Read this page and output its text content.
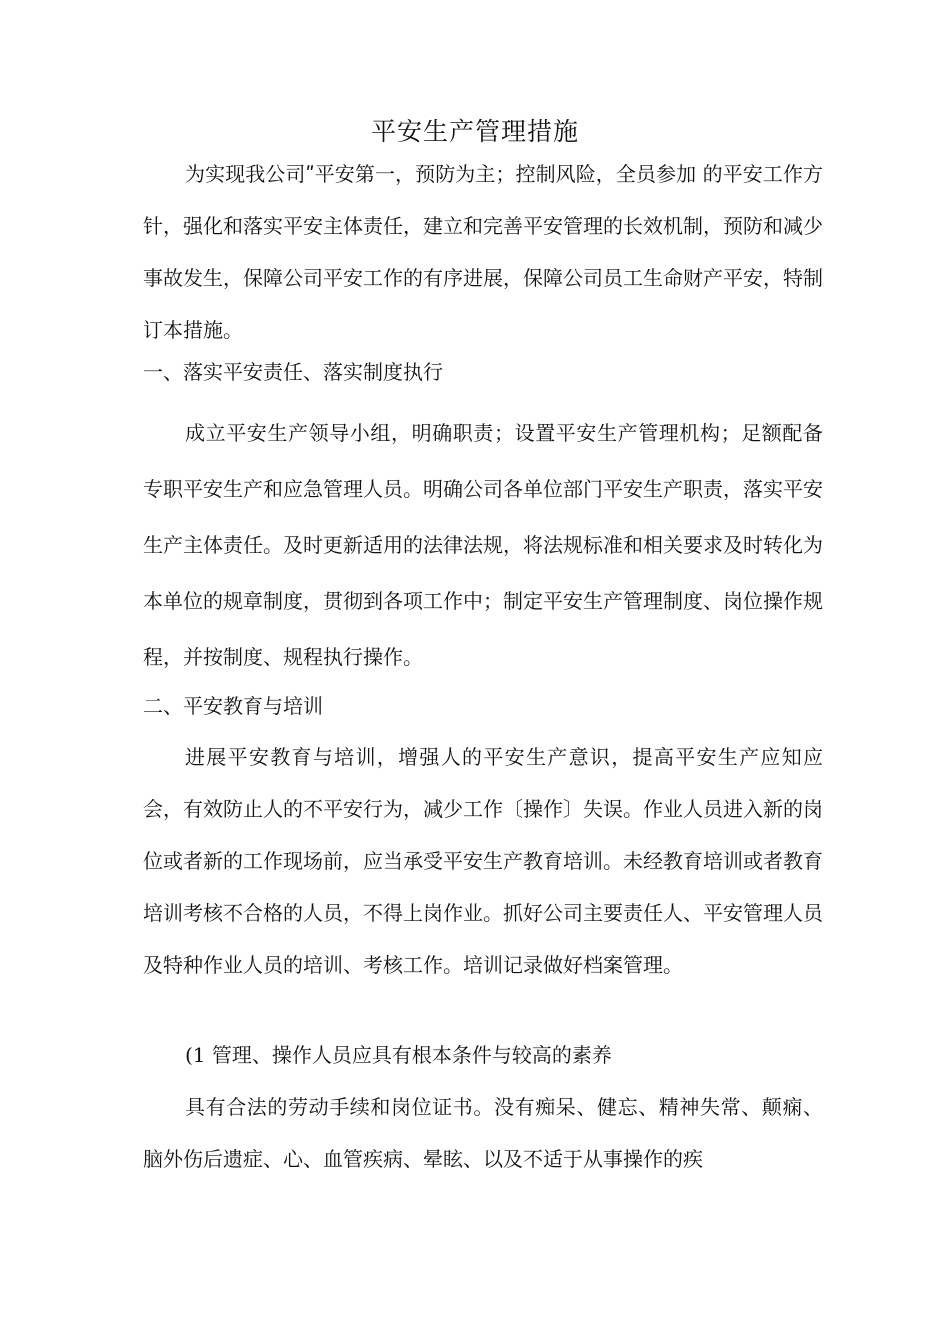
平安生产管理措施

为实现我公司ʺ平安第一，预防为主；控制风险，全员参加 的平安工作方针，强化和落实平安主体责任，建立和完善平安管理的长效机制，预防和减少事故发生，保障公司平安工作的有序进展，保障公司员工生命财产平安，特制订本措施。

一、落实平安责任、落实制度执行

成立平安生产领导小组，明确职责；设置平安生产管理机构；足额配备专职平安生产和应急管理人员。明确公司各单位部门平安生产职责，落实平安生产主体责任。及时更新适用的法律法规，将法规标准和相关要求及时转化为本单位的规章制度，贯彻到各项工作中；制定平安生产管理制度、岗位操作规程，并按制度、规程执行操作。

二、平安教育与培训

进展平安教育与培训，增强人的平安生产意识，提高平安生产应知应会，有效防止人的不平安行为，减少工作〔操作〕失误。作业人员进入新的岗位或者新的工作现场前，应当承受平安生产教育培训。未经教育培训或者教育培训考核不合格的人员，不得上岗作业。抓好公司主要责任人、平安管理人员及特种作业人员的培训、考核工作。培训记录做好档案管理。

(1 管理、操作人员应具有根本条件与较高的素养

具有合法的劳动手续和岗位证书。没有痴呆、健忘、精神失常、颠痫、脑外伤后遗症、心、血管疾病、晕眩、以及不适于从事操作的疾
